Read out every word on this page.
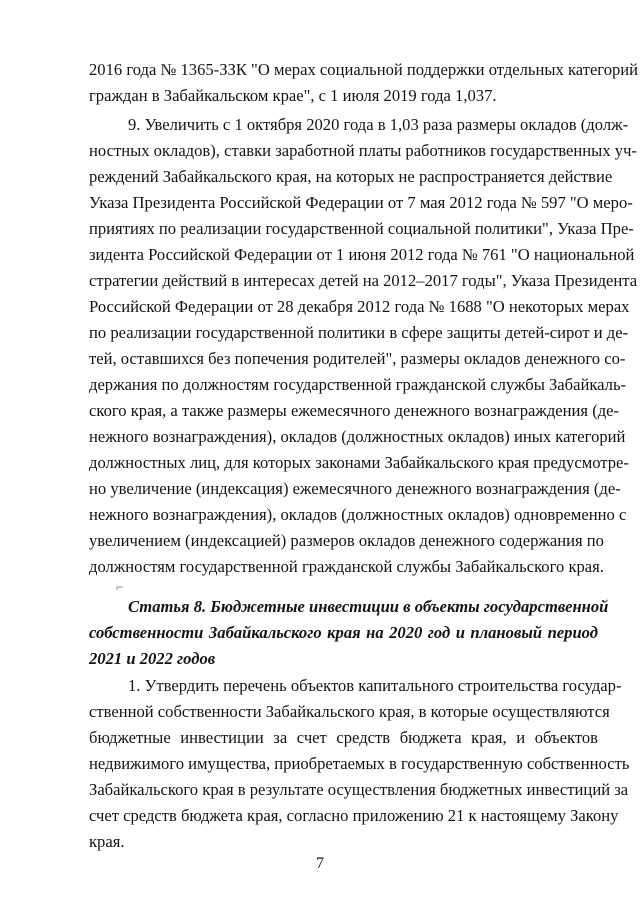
2016 года № 1365-ЗЗК "О мерах социальной поддержки отдельных категорий
граждан в Забайкальском крае", с 1 июля 2019 года 1,037.
9. Увеличить с 1 октября 2020 года в 1,03 раза размеры окладов (долж-
ностных окладов), ставки заработной платы работников государственных уч-
реждений Забайкальского края, на которых не распространяется действие
Указа Президента Российской Федерации от 7 мая 2012 года № 597 "О меро-
приятиях по реализации государственной социальной политики", Указа Пре-
зидента Российской Федерации от 1 июня 2012 года № 761 "О национальной
стратегии действий в интересах детей на 2012–2017 годы", Указа Президента
Российской Федерации от 28 декабря 2012 года № 1688 "О некоторых мерах
по реализации государственной политики в сфере защиты детей-сирот и де-
тей, оставшихся без попечения родителей", размеры окладов денежного со-
держания по должностям государственной гражданской службы Забайкаль-
ского края, а также размеры ежемесячного денежного вознаграждения (де-
нежного вознаграждения), окладов (должностных окладов) иных категорий
должностных лиц, для которых законами Забайкальского края предусмотре-
но увеличение (индексация) ежемесячного денежного вознаграждения (де-
нежного вознаграждения), окладов (должностных окладов) одновременно с
увеличением (индексацией) размеров окладов денежного содержания по
должностям государственной гражданской службы Забайкальского края.
⌐
Статья 8. Бюджетные инвестиции в объекты государственной
собственности Забайкальского края на 2020 год и плановый период
2021 и 2022 годов
1. Утвердить перечень объектов капитального строительства государ-
ственной собственности Забайкальского края, в которые осуществляются
бюджетные инвестиции за счет средств бюджета края, и объектов
недвижимого имущества, приобретаемых в государственную собственность
Забайкальского края в результате осуществления бюджетных инвестиций за
счет средств бюджета края, согласно приложению 21 к настоящему Закону
края.
7
